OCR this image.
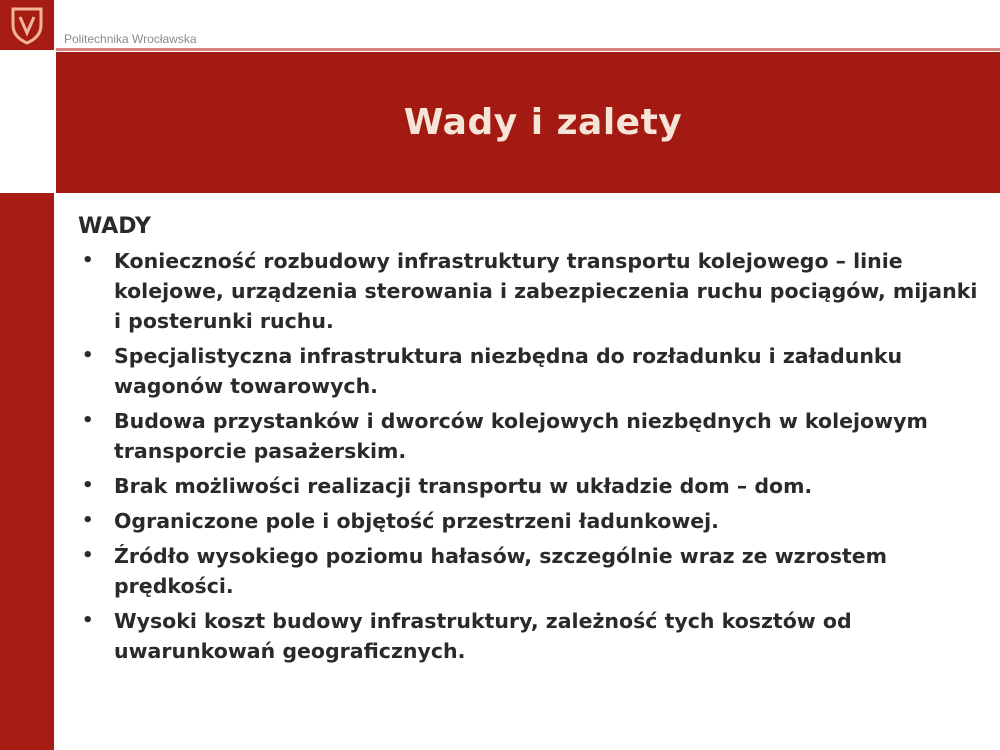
Politechnika Wrocławska
Wady i zalety
WADY
• Konieczność rozbudowy infrastruktury transportu kolejowego – linie kolejowe, urządzenia sterowania i zabezpieczenia ruchu pociągów, mijanki i posterunki ruchu.
• Specjalistyczna infrastruktura niezbędna do rozładunku i załadunku wagonów towarowych.
• Budowa przystanków i dworców kolejowych niezbędnych w kolejowym transporcie pasażerskim.
• Brak możliwości realizacji transportu w układzie dom – dom.
• Ograniczone pole i objętość przestrzeni ładunkowej.
• Źródło wysokiego poziomu hałasów, szczególnie wraz ze wzrostem prędkości.
• Wysoki koszt budowy infrastruktury, zależność tych kosztów od uwarunkowań geograficznych.
